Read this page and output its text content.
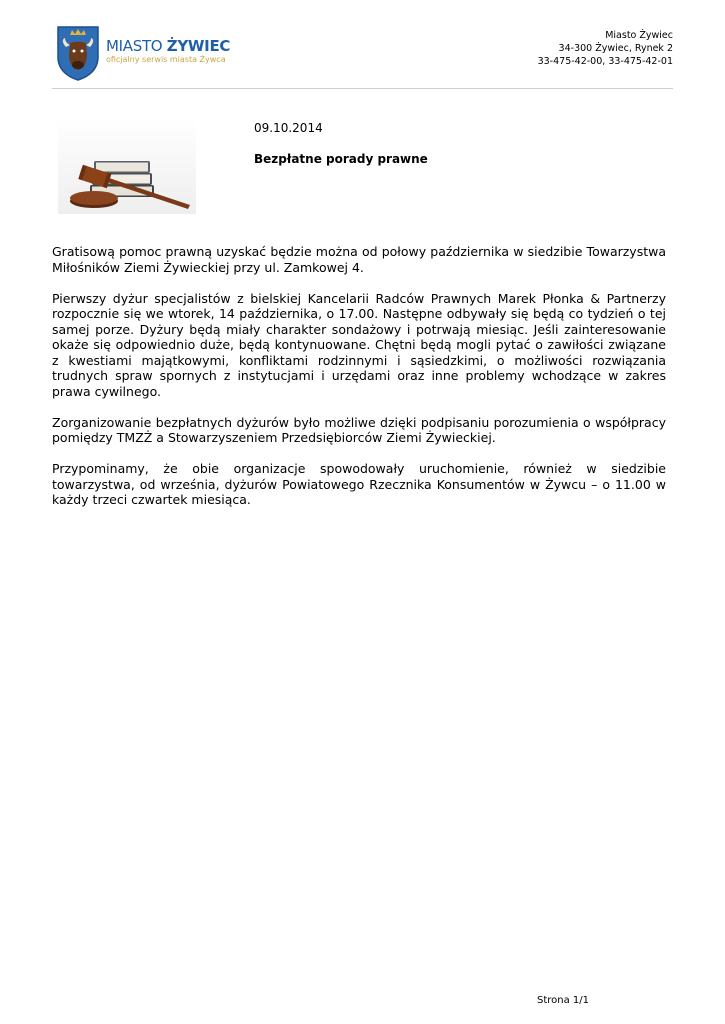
MIASTO ŻYWIEC
oficjalny serwis miasta Żywca
Miasto Żywiec
34-300 Żywiec, Rynek 2
33-475-42-00, 33-475-42-01
09.10.2014
Bezpłatne porady prawne

Gratisową pomoc prawną uzyskać będzie można od połowy października w siedzibie Towarzystwa Miłośników Ziemi Żywieckiej przy ul. Zamkowej 4.

Pierwszy dyżur specjalistów z bielskiej Kancelarii Radców Prawnych Marek Płonka & Partnerzy rozpocznie się we wtorek, 14 października, o 17.00. Następne odbywały się będą co tydzień o tej samej porze. Dyżury będą miały charakter sondażowy i potrwają miesiąc. Jeśli zainteresowanie okaże się odpowiednio duże, będą kontynuowane. Chętni będą mogli pytać o zawiłości związane z kwestiami majątkowymi, konfliktami rodzinnymi i sąsiedzkimi, o możliwości rozwiązania trudnych spraw spornych z instytucjami i urzędami oraz inne problemy wchodzące w zakres prawa cywilnego.

Zorganizowanie bezpłatnych dyżurów było możliwe dzięki podpisaniu porozumienia o współpracy pomiędzy TMZŻ a Stowarzyszeniem Przedsiębiorców Ziemi Żywieckiej.

Przypominamy, że obie organizacje spowodowały uruchomienie, również w siedzibie towarzystwa, od września, dyżurów Powiatowego Rzecznika Konsumentów w Żywcu – o 11.00 w każdy trzeci czwartek miesiąca.

Strona 1/1
